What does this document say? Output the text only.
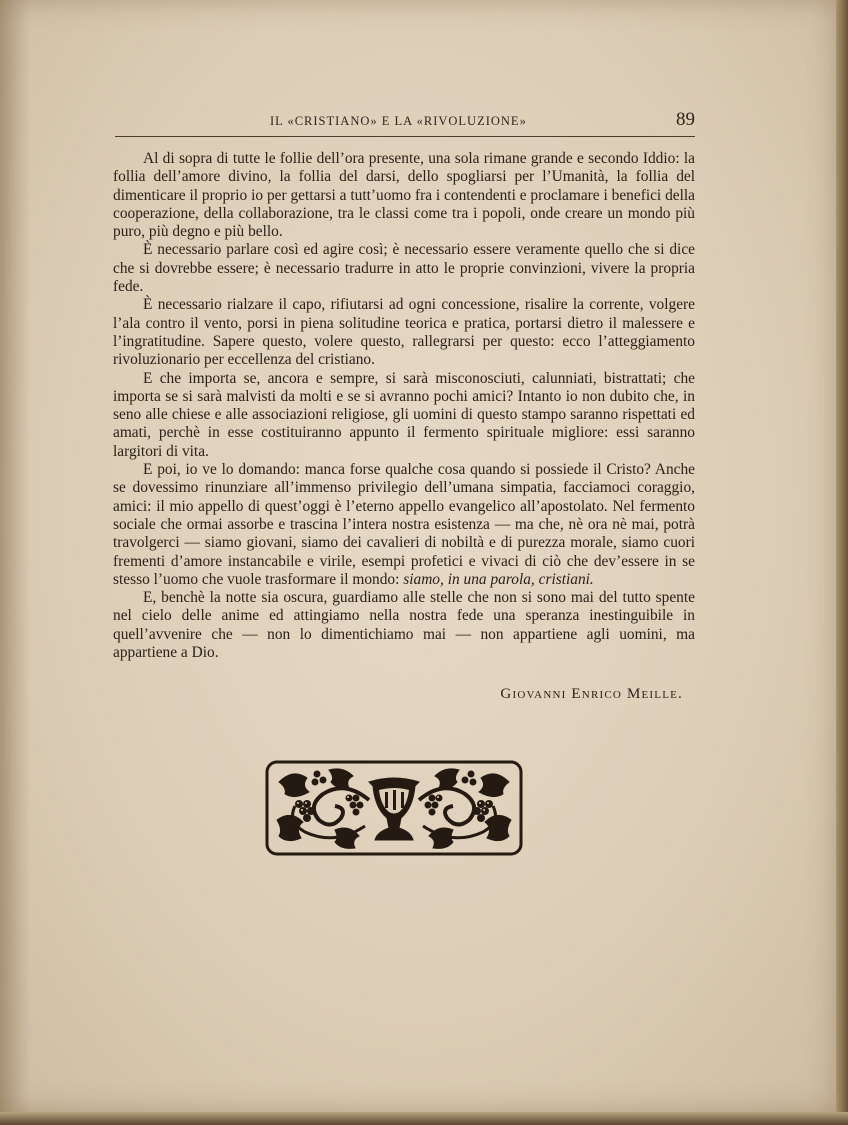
IL «CRISTIANO» E LA «RIVOLUZIONE»	89

Al di sopra di tutte le follie dell’ora presente, una sola rimane grande e secondo Iddio: la follia dell’amore divino, la follia del darsi, dello spogliarsi per l’Umanità, la follia del dimenticare il proprio io per gettarsi a tutt’uomo fra i contendenti e proclamare i benefici della cooperazione, della collaborazione, tra le classi come tra i popoli, onde creare un mondo più puro, più degno e più bello.

È necessario parlare così ed agire così; è necessario essere veramente quello che si dice che si dovrebbe essere; è necessario tradurre in atto le proprie convinzioni, vivere la propria fede.

È necessario rialzare il capo, rifiutarsi ad ogni concessione, risalire la corrente, volgere l’ala contro il vento, porsi in piena solitudine teorica e pratica, portarsi dietro il malessere e l’ingratitudine. Sapere questo, volere questo, rallegrarsi per questo: ecco l’atteggiamento rivoluzionario per eccellenza del cristiano.

E che importa se, ancora e sempre, si sarà misconosciuti, calunniati, bistrattati; che importa se si sarà malvisti da molti e se si avranno pochi amici? Intanto io non dubito che, in seno alle chiese e alle associazioni religiose, gli uomini di questo stampo saranno rispettati ed amati, perchè in esse costituiranno appunto il fermento spirituale migliore: essi saranno largitori di vita.

E poi, io ve lo domando: manca forse qualche cosa quando si possiede il Cristo? Anche se dovessimo rinunziare all’immenso privilegio dell’umana simpatia, facciamoci coraggio, amici: il mio appello di quest’oggi è l’eterno appello evangelico all’apostolato. Nel fermento sociale che ormai assorbe e trascina l’intera nostra esistenza — ma che, nè ora nè mai, potrà travolgerci — siamo giovani, siamo dei cavalieri di nobiltà e di purezza morale, siamo cuori frementi d’amore instancabile e virile, esempi profetici e vivaci di ciò che dev’essere in se stesso l’uomo che vuole trasformare il mondo: siamo, in una parola, cristiani.

E, benchè la notte sia oscura, guardiamo alle stelle che non si sono mai del tutto spente nel cielo delle anime ed attingiamo nella nostra fede una speranza inestinguibile in quell’avvenire che — non lo dimentichiamo mai — non appartiene agli uomini, ma appartiene a Dio.

Giovanni Enrico Meille.
